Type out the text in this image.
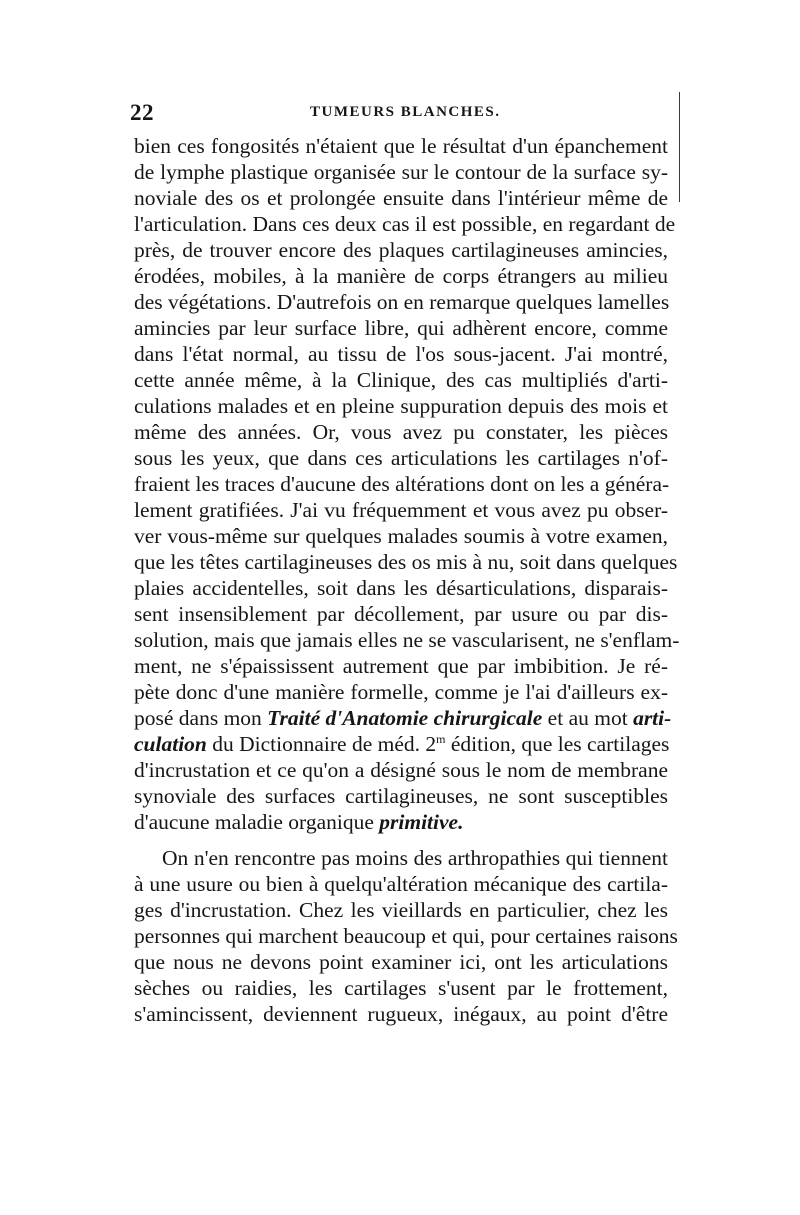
22	TUMEURS BLANCHES.
bien ces fongosités n'étaient que le résultat d'un épanchement
de lymphe plastique organisée sur le contour de la surface sy-
noviale des os et prolongée ensuite dans l'intérieur même de
l'articulation. Dans ces deux cas il est possible, en regardant de
près, de trouver encore des plaques cartilagineuses amincies,
érodées, mobiles, à la manière de corps étrangers au milieu
des végétations. D'autrefois on en remarque quelques lamelles
amincies par leur surface libre, qui adhèrent encore, comme
dans l'état normal, au tissu de l'os sous-jacent. J'ai montré,
cette année même, à la Clinique, des cas multipliés d'arti-
culations malades et en pleine suppuration depuis des mois et
même des années. Or, vous avez pu constater, les pièces
sous les yeux, que dans ces articulations les cartilages n'of-
fraient les traces d'aucune des altérations dont on les a généra-
lement gratifiées. J'ai vu fréquemment et vous avez pu obser-
ver vous-même sur quelques malades soumis à votre examen,
que les têtes cartilagineuses des os mis à nu, soit dans quelques
plaies accidentelles, soit dans les désarticulations, disparais-
sent insensiblement par décollement, par usure ou par dis-
solution, mais que jamais elles ne se vascularisent, ne s'enflam-
ment, ne s'épaississent autrement que par imbibition. Je ré-
pète donc d'une manière formelle, comme je l'ai d'ailleurs ex-
posé dans mon Traité d'Anatomie chirurgicale et au mot arti-
culation du Dictionnaire de méd. 2$^m$ édition, que les cartilages
d'incrustation et ce qu'on a désigné sous le nom de membrane
synoviale des surfaces cartilagineuses, ne sont susceptibles
d'aucune maladie organique primitive.
On n'en rencontre pas moins des arthropathies qui tiennent
à une usure ou bien à quelqu'altération mécanique des cartila-
ges d'incrustation. Chez les vieillards en particulier, chez les
personnes qui marchent beaucoup et qui, pour certaines raisons
que nous ne devons point examiner ici, ont les articulations
sèches ou raidies, les cartilages s'usent par le frottement,
s'amincissent, deviennent rugueux, inégaux, au point d'être
